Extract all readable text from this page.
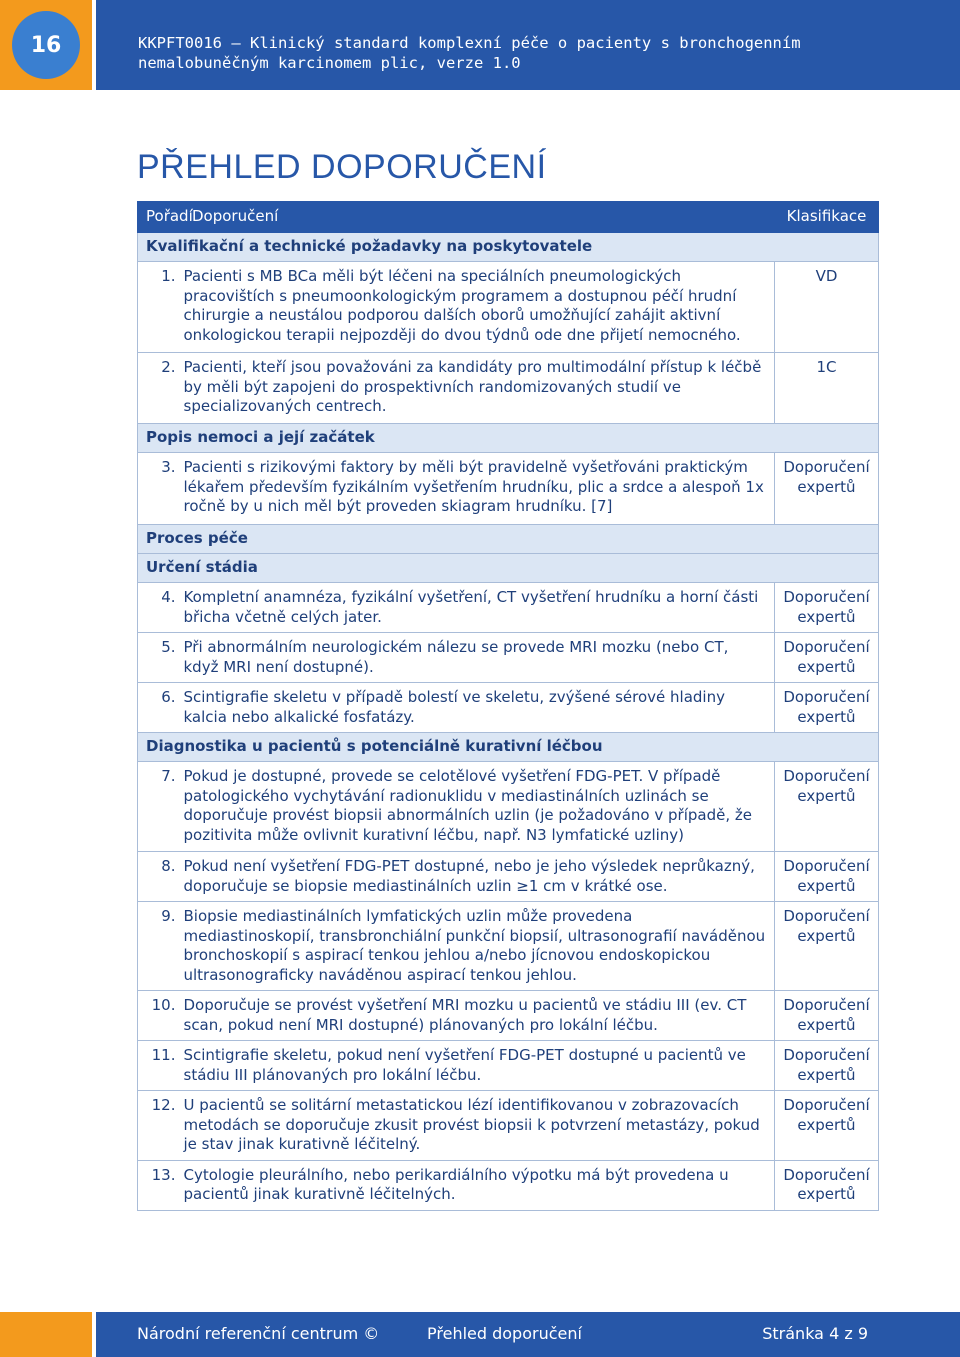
16	KKPFT0016 – Klinický standard komplexní péče o pacienty s bronchogenním
nemalobuněčným karcinomem plic, verze 1.0
PŘEHLED DOPORUČENÍ
Pořadí	Doporučení	Klasifikace
Kvalifikační a technické požadavky na poskytovatele		
1.	Pacienti s MB BCa měli být léčeni na speciálních pneumologických pracovištích s pneumoonkologickým programem a dostupnou péčí hrudní chirurgie a neustálou podporou dalších oborů umožňující zahájit aktivní onkologickou terapii nejpozději do dvou týdnů ode dne přijetí nemocného.	VD
2.	Pacienti, kteří jsou považováni za kandidáty pro multimodální přístup k léčbě by měli být zapojeni do prospektivních randomizovaných studií ve specializovaných centrech.	1C
Popis nemoci a její začátek		
3.	Pacienti s rizikovými faktory by měli být pravidelně vyšetřováni praktickým lékařem především fyzikálním vyšetřením hrudníku, plic a srdce a alespoň 1x ročně by u nich měl být proveden skiagram hrudníku. [7]	Doporučení expertů
Proces péče		
Určení stádia		
4.	Kompletní anamnéza, fyzikální vyšetření, CT vyšetření hrudníku a horní části břicha včetně celých jater.	Doporučení expertů
5.	Při abnormálním neurologickém nálezu se provede MRI mozku (nebo CT, když MRI není dostupné).	Doporučení expertů
6.	Scintigrafie skeletu v případě bolestí ve skeletu, zvýšené sérové hladiny kalcia nebo alkalické fosfatázy.	Doporučení expertů
Diagnostika u pacientů s potenciálně kurativní léčbou		
7.	Pokud je dostupné, provede se celotělové vyšetření FDG-PET. V případě patologického vychytávání radionuklidu v mediastinálních uzlinách se doporučuje provést biopsii abnormálních uzlin (je požadováno v případě, že pozitivita může ovlivnit kurativní léčbu, např. N3 lymfatické uzliny)	Doporučení expertů
8.	Pokud není vyšetření FDG-PET dostupné, nebo je jeho výsledek neprůkazný, doporučuje se biopsie mediastinálních uzlin ≥1 cm v krátké ose.	Doporučení expertů
9.	Biopsie mediastinálních lymfatických uzlin může provedena mediastinoskopií, transbronchiální punkční biopsií, ultrasonografií naváděnou bronchoskopií s aspirací tenkou jehlou a/nebo jícnovou endoskopickou ultrasonograficky naváděnou aspirací tenkou jehlou.	Doporučení expertů
10.	Doporučuje se provést vyšetření MRI mozku u pacientů ve stádiu III (ev. CT scan, pokud není MRI dostupné) plánovaných pro lokální léčbu.	Doporučení expertů
11.	Scintigrafie skeletu, pokud není vyšetření FDG-PET dostupné u pacientů ve stádiu III plánovaných pro lokální léčbu.	Doporučení expertů
12.	U pacientů se solitární metastatickou lézí identifikovanou v zobrazovacích metodách se doporučuje zkusit provést biopsii k potvrzení metastázy, pokud je stav jinak kurativně léčitelný.	Doporučení expertů
13.	Cytologie pleurálního, nebo perikardiálního výpotku má být provedena u pacientů jinak kurativně léčitelných.	Doporučení expertů
Národní referenční centrum ©	Přehled doporučení	Stránka 4 z 9
